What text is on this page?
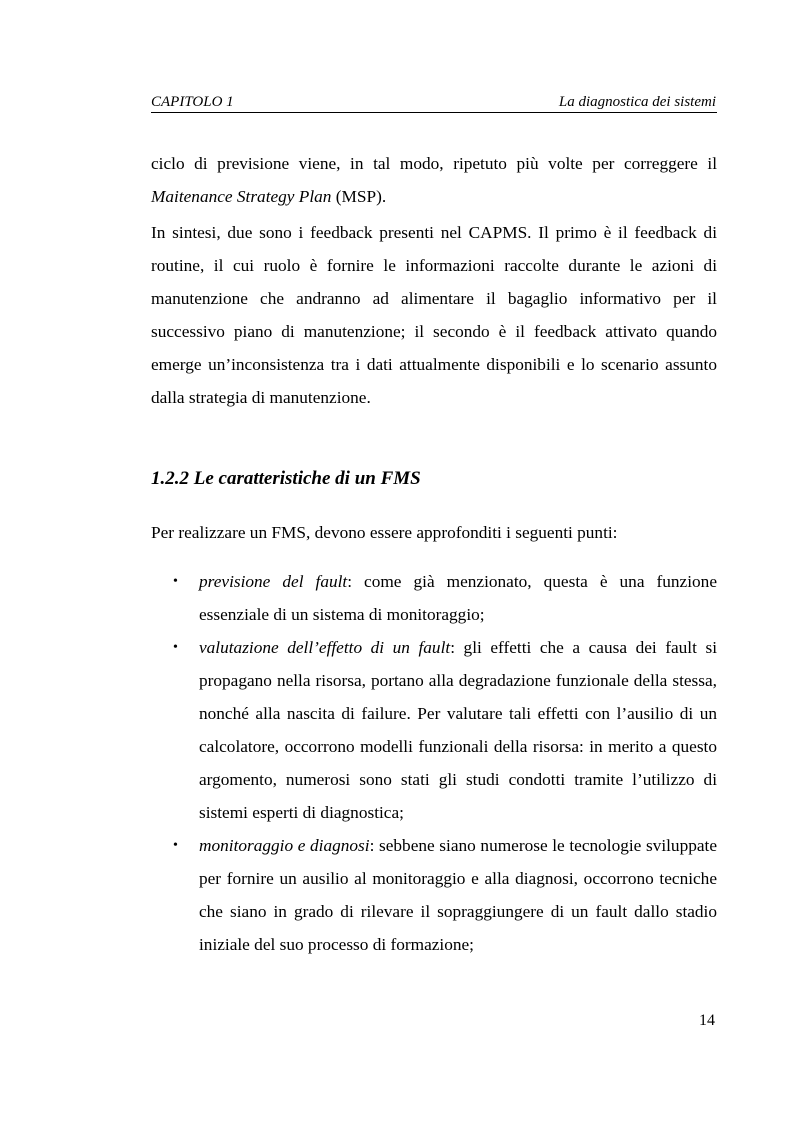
CAPITOLO 1	La diagnostica dei sistemi

ciclo di previsione viene, in tal modo, ripetuto più volte per correggere il Maitenance Strategy Plan (MSP).

In sintesi, due sono i feedback presenti nel CAPMS. Il primo è il feedback di routine, il cui ruolo è fornire le informazioni raccolte durante le azioni di manutenzione che andranno ad alimentare il bagaglio informativo per il successivo piano di manutenzione; il secondo è il feedback attivato quando emerge un’inconsistenza tra i dati attualmente disponibili e lo scenario assunto dalla strategia di manutenzione.

1.2.2 Le caratteristiche di un FMS

Per realizzare un FMS, devono essere approfonditi i seguenti punti:

• previsione del fault: come già menzionato, questa è una funzione essenziale di un sistema di monitoraggio;
• valutazione dell’effetto di un fault: gli effetti che a causa dei fault si propagano nella risorsa, portano alla degradazione funzionale della stessa, nonché alla nascita di failure. Per valutare tali effetti con l’ausilio di un calcolatore, occorrono modelli funzionali della risorsa: in merito a questo argomento, numerosi sono stati gli studi condotti tramite l’utilizzo di sistemi esperti di diagnostica;
• monitoraggio e diagnosi: sebbene siano numerose le tecnologie sviluppate per fornire un ausilio al monitoraggio e alla diagnosi, occorrono tecniche che siano in grado di rilevare il sopraggiungere di un fault dallo stadio iniziale del suo processo di formazione;
14
